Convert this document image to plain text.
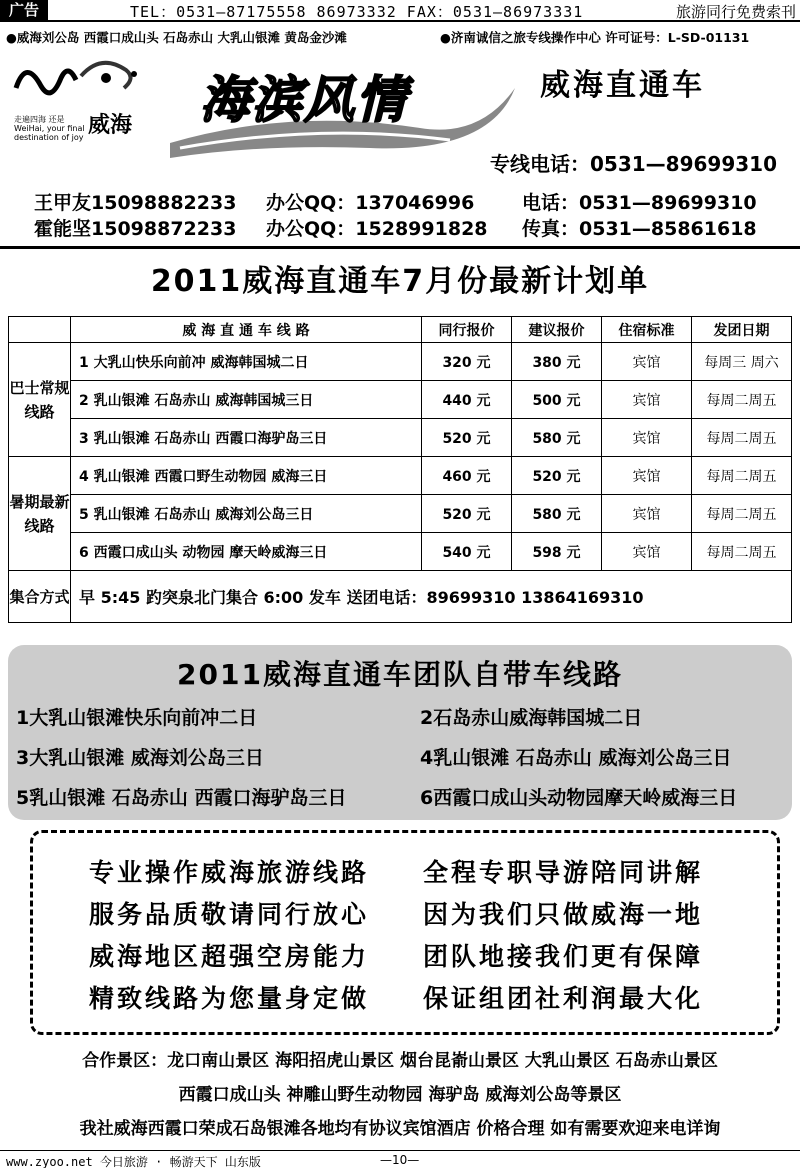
广告	TEL：0531—87175558 86973332 FAX：0531—86973331	旅游同行免费索刊
●威海刘公岛 西霞口成山头 石岛赤山 大乳山银滩 黄岛金沙滩	●济南诚信之旅专线操作中心 许可证号：L-SD-01131
走遍四海 还是 WeiHai, your final destination of joy 威海 海滨风情	威海直通车
专线电话：0531—89699310
王甲友15098882233	办公QQ：137046996	电话：0531—89699310
霍能坚15098872233	办公QQ：1528991828	传真：0531—85861618
2011威海直通车7月份最新计划单
	威 海 直 通 车 线 路	同行报价	建议报价	住宿标准	发团日期
巴士常规线路	1 大乳山快乐向前冲 威海韩国城二日	320 元	380 元	宾馆	每周三 周六
	2 乳山银滩 石岛赤山 威海韩国城三日	440 元	500 元	宾馆	每周二周五
	3 乳山银滩 石岛赤山 西霞口海驴岛三日	520 元	580 元	宾馆	每周二周五
暑期最新线路	4 乳山银滩 西霞口野生动物园 威海三日	460 元	520 元	宾馆	每周二周五
	5 乳山银滩 石岛赤山 威海刘公岛三日	520 元	580 元	宾馆	每周二周五
	6 西霞口成山头 动物园 摩天岭威海三日	540 元	598 元	宾馆	每周二周五
集合方式	早 5:45 趵突泉北门集合 6:00 发车 送团电话：89699310 13864169310				
2011威海直通车团队自带车线路
1大乳山银滩快乐向前冲二日	2石岛赤山威海韩国城二日
3大乳山银滩 威海刘公岛三日	4乳山银滩 石岛赤山 威海刘公岛三日
5乳山银滩 石岛赤山 西霞口海驴岛三日	6西霞口成山头动物园摩天岭威海三日
专业操作威海旅游线路 全程专职导游陪同讲解
服务品质敬请同行放心 因为我们只做威海一地
威海地区超强空房能力 团队地接我们更有保障
精致线路为您量身定做 保证组团社利润最大化
合作景区：龙口南山景区 海阳招虎山景区 烟台昆嵛山景区 大乳山景区 石岛赤山景区
西霞口成山头 神雕山野生动物园 海驴岛 威海刘公岛等景区
我社威海西霞口荣成石岛银滩各地均有协议宾馆酒店 价格合理 如有需要欢迎来电详询
www.zyoo.net 今日旅游 · 畅游天下 山东版	—10—
